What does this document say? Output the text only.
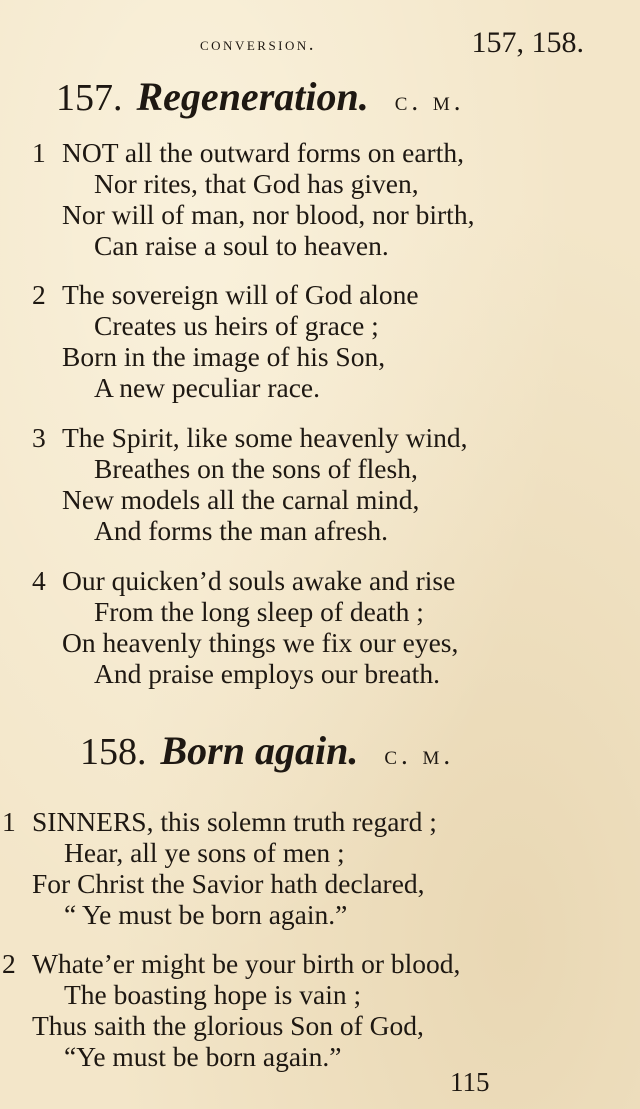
conversion.	157, 158.
157. Regeneration. c. m.
1 NOT all the outward forms on earth,
Nor rites, that God has given,
Nor will of man, nor blood, nor birth,
Can raise a soul to heaven.
2 The sovereign will of God alone
Creates us heirs of grace ;
Born in the image of his Son,
A new peculiar race.
3 The Spirit, like some heavenly wind,
Breathes on the sons of flesh,
New models all the carnal mind,
And forms the man afresh.
4 Our quicken’d souls awake and rise
From the long sleep of death ;
On heavenly things we fix our eyes,
And praise employs our breath.
158. Born again. c. m.
1 SINNERS, this solemn truth regard ;
Hear, all ye sons of men ;
For Christ the Savior hath declared,
“ Ye must be born again.”
2 Whate’er might be your birth or blood,
The boasting hope is vain ;
Thus saith the glorious Son of God,
“Ye must be born again.”
115
